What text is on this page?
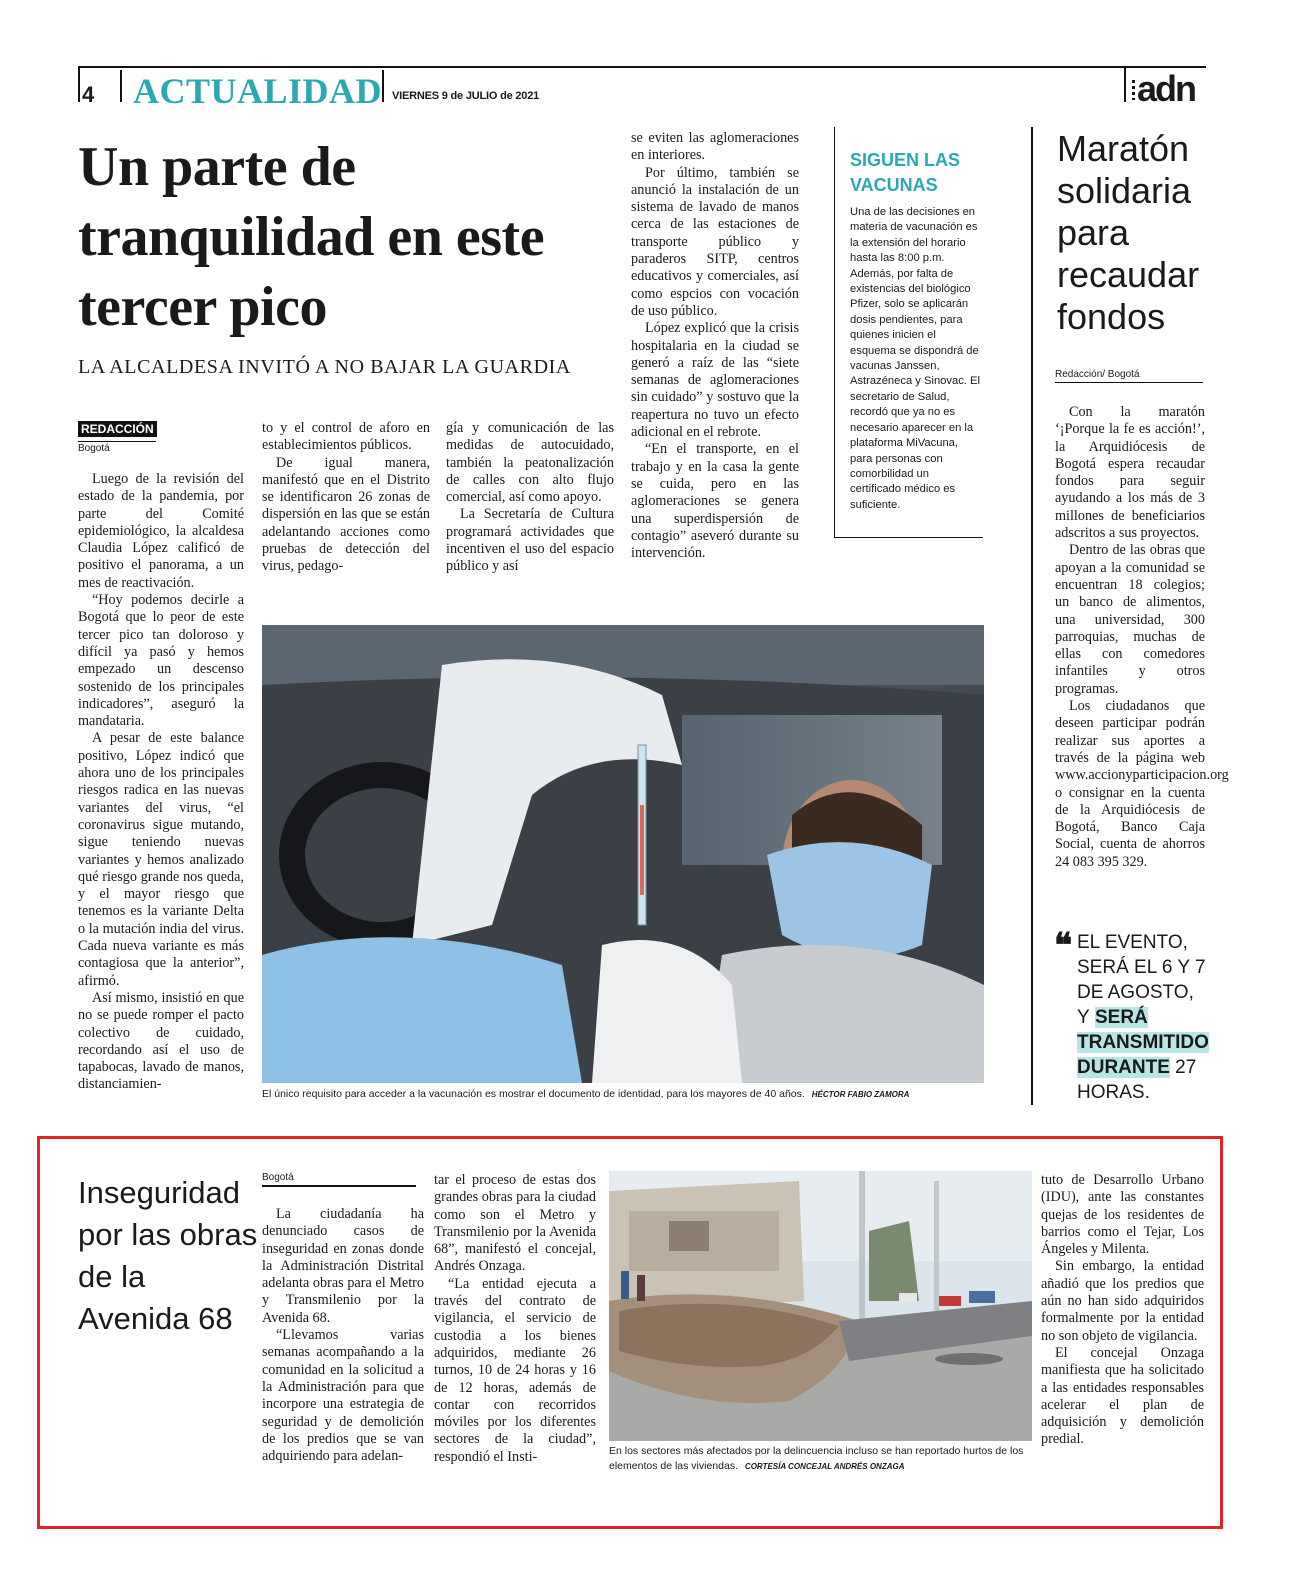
4 ACTUALIDAD VIERNES 9 de JULIO de 2021	adn
Un parte de tranquilidad en este tercer pico
LA ALCALDESA INVITÓ A NO BAJAR LA GUARDIA
REDACCIÓN
Bogotá

Luego de la revisión del estado de la pandemia, por parte del Comité epidemiológico, la alcaldesa Claudia López calificó de positivo el panorama, a un mes de reactivación.

“Hoy podemos decirle a Bogotá que lo peor de este tercer pico tan doloroso y difícil ya pasó y hemos empezado un descenso sostenido de los principales indicadores”, aseguró la mandataria.

A pesar de este balance positivo, López indicó que ahora uno de los principales riesgos radica en las nuevas variantes del virus, “el coronavirus sigue mutando, sigue teniendo nuevas variantes y hemos analizado qué riesgo grande nos queda, y el mayor riesgo que tenemos es la variante Delta o la mutación india del virus. Cada nueva variante es más contagiosa que la anterior”, afirmó.

Así mismo, insistió en que no se puede romper el pacto colectivo de cuidado, recordando así el uso de tapabocas, lavado de manos, distanciamien-

to y el control de aforo en establecimientos públicos.

De igual manera, manifestó que en el Distrito se identificaron 26 zonas de dispersión en las que se están adelantando acciones como pruebas de detección del virus, pedago-

gía y comunicación de las medidas de autocuidado, también la peatonalización de calles con alto flujo comercial, así como apoyo.

La Secretaría de Cultura programará actividades que incentiven el uso del espacio público y así

se eviten las aglomeraciones en interiores.

Por último, también se anunció la instalación de un sistema de lavado de manos cerca de las estaciones de transporte público y paraderos SITP, centros educativos y comerciales, así como espcios con vocación de uso público.

López explicó que la crisis hospitalaria en la ciudad se generó a raíz de las “siete semanas de aglomeraciones sin cuidado” y sostuvo que la reapertura no tuvo un efecto adicional en el rebrote.

“En el transporte, en el trabajo y en la casa la gente se cuida, pero en las aglomeraciones se genera una superdispersión de contagio” aseveró durante su intervención.

SIGUEN LAS
VACUNAS
Una de las decisiones en materia de vacunación es la extensión del horario hasta las 8:00 p.m. Además, por falta de existencias del biológico Pfizer, solo se aplicarán dosis pendientes, para quienes inicien el esquema se dispondrá de vacunas Janssen, Astrazéneca y Sinovac. El secretario de Salud, recordó que ya no es necesario aparecer en la plataforma MiVacuna, para personas con comorbilidad un certificado médico es suficiente.
El único requisito para acceder a la vacunación es mostrar el documento de identidad, para los mayores de 40 años. HÉCTOR FABIO ZAMORA
Maratón solidaria para recaudar fondos
Redacción/ Bogotá

Con la maratón ‘¡Porque la fe es acción!’, la Arquidiócesis de Bogotá espera recaudar fondos para seguir ayudando a los más de 3 millones de beneficiarios adscritos a sus proyectos.

Dentro de las obras que apoyan a la comunidad se encuentran 18 colegios; un banco de alimentos, una universidad, 300 parroquias, muchas de ellas con comedores infantiles y otros programas.

Los ciudadanos que deseen participar podrán realizar sus aportes a través de la página web www.accionyparticipacion.org o consignar en la cuenta de la Arquidiócesis de Bogotá, Banco Caja Social, cuenta de ahorros 24 083 395 329.

❝ EL EVENTO, SERÁ EL 6 Y 7 DE AGOSTO, Y SERÁ TRANSMITIDO DURANTE 27 HORAS.
Inseguridad por las obras de la Avenida 68
Bogotá

La ciudadanía ha denunciado casos de inseguridad en zonas donde la Administración Distrital adelanta obras para el Metro y Transmilenio por la Avenida 68.

“Llevamos varias semanas acompañando a la comunidad en la solicitud a la Administración para que incorpore una estrategia de seguridad y de demolición de los predios que se van adquiriendo para adelan-

tar el proceso de estas dos grandes obras para la ciudad como son el Metro y Transmilenio por la Avenida 68”, manifestó el concejal, Andrés Onzaga.

“La entidad ejecuta a través del contrato de vigilancia, el servicio de custodia a los bienes adquiridos, mediante 26 turnos, 10 de 24 horas y 16 de 12 horas, además de contar con recorridos móviles por los diferentes sectores de la ciudad”, respondió el Insti-	En los sectores más afectados por la delincuencia incluso se han reportado hurtos de los elementos de las viviendas. CORTESÍA CONCEJAL ANDRÉS ONZAGA

tuto de Desarrollo Urbano (IDU), ante las constantes quejas de los residentes de barrios como el Tejar, Los Ángeles y Milenta.

Sin embargo, la entidad añadió que los predios que aún no han sido adquiridos formalmente por la entidad no son objeto de vigilancia.

El concejal Onzaga manifiesta que ha solicitado a las entidades responsables acelerar el plan de adquisición y demolición predial.
